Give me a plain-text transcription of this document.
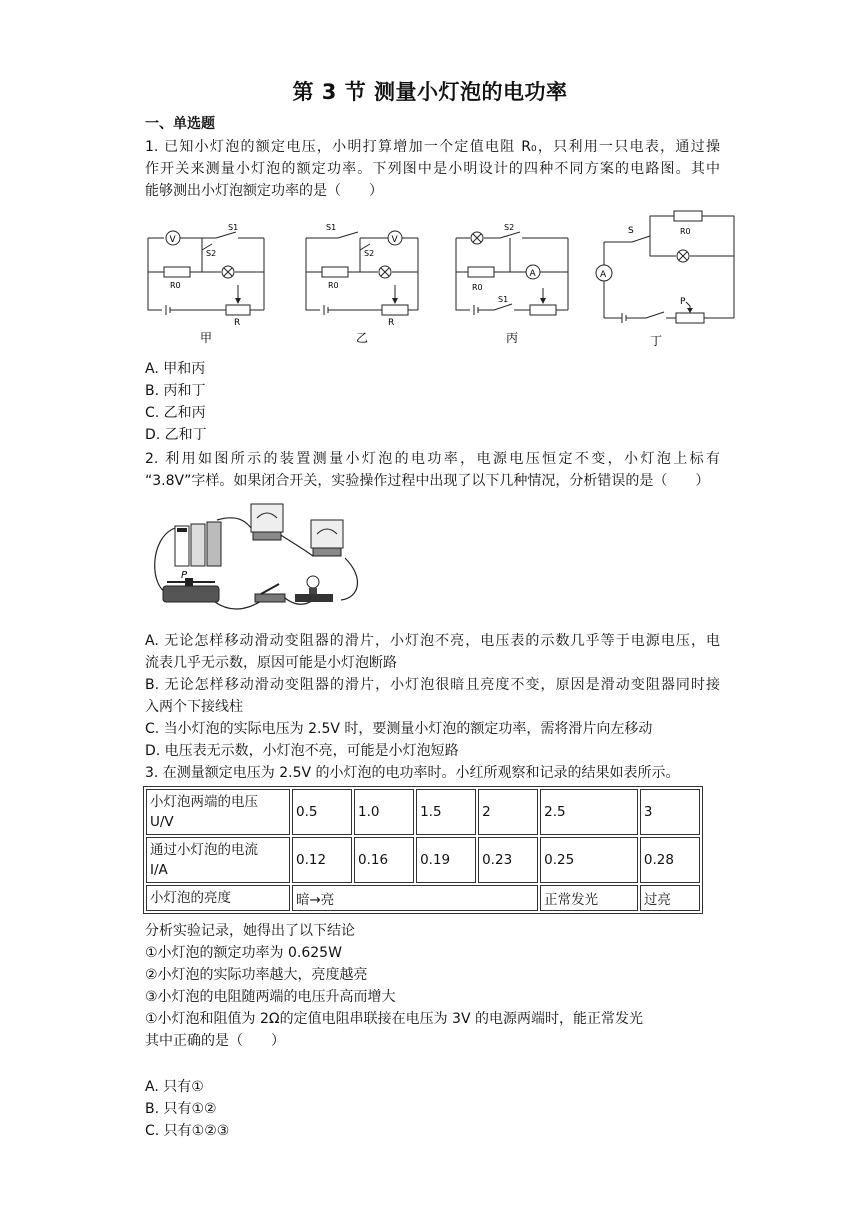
第 3 节 测量小灯泡的电功率
一、单选题
1. 已知小灯泡的额定电压，小明打算增加一个定值电阻 R₀，只利用一只电表，通过操
作开关来测量小灯泡的额定功率。下列图中是小明设计的四种不同方案的电路图。其中
能够测出小灯泡额定功率的是（　　）
V
S1
S2
R0
R
甲
V
S1
S2
R0
R
乙
A
S2
R0
S1
丙
A
S	R0
P
丁
A. 甲和丙
B. 丙和丁
C. 乙和丙
D. 乙和丁
2. 利用如图所示的装置测量小灯泡的电功率，电源电压恒定不变，小灯泡上标有
“3.8V”字样。如果闭合开关，实验操作过程中出现了以下几种情况，分析错误的是（　　）
P
A. 无论怎样移动滑动变阻器的滑片，小灯泡不亮，电压表的示数几乎等于电源电压，电
流表几乎无示数，原因可能是小灯泡断路
B. 无论怎样移动滑动变阻器的滑片，小灯泡很暗且亮度不变，原因是滑动变阻器同时接
入两个下接线柱
C. 当小灯泡的实际电压为 2.5V 时，要测量小灯泡的额定功率，需将滑片向左移动
D. 电压表无示数，小灯泡不亮，可能是小灯泡短路
3. 在测量额定电压为 2.5V 的小灯泡的电功率时。小红所观察和记录的结果如表所示。
小灯泡两端的电压
U/V	0.5	1.0	1.5	2	2.5	3

通过小灯泡的电流
I/A	0.12	0.16	0.19	0.23	0.25	0.28
小灯泡的亮度	暗→亮				正常发光	过亮
分析实验记录，她得出了以下结论
①小灯泡的额定功率为 0.625W
②小灯泡的实际功率越大，亮度越亮
③小灯泡的电阻随两端的电压升高而增大
①小灯泡和阻值为 2Ω的定值电阻串联接在电压为 3V 的电源两端时，能正常发光
其中正确的是（　　）
A. 只有①
B. 只有①②
C. 只有①②③
